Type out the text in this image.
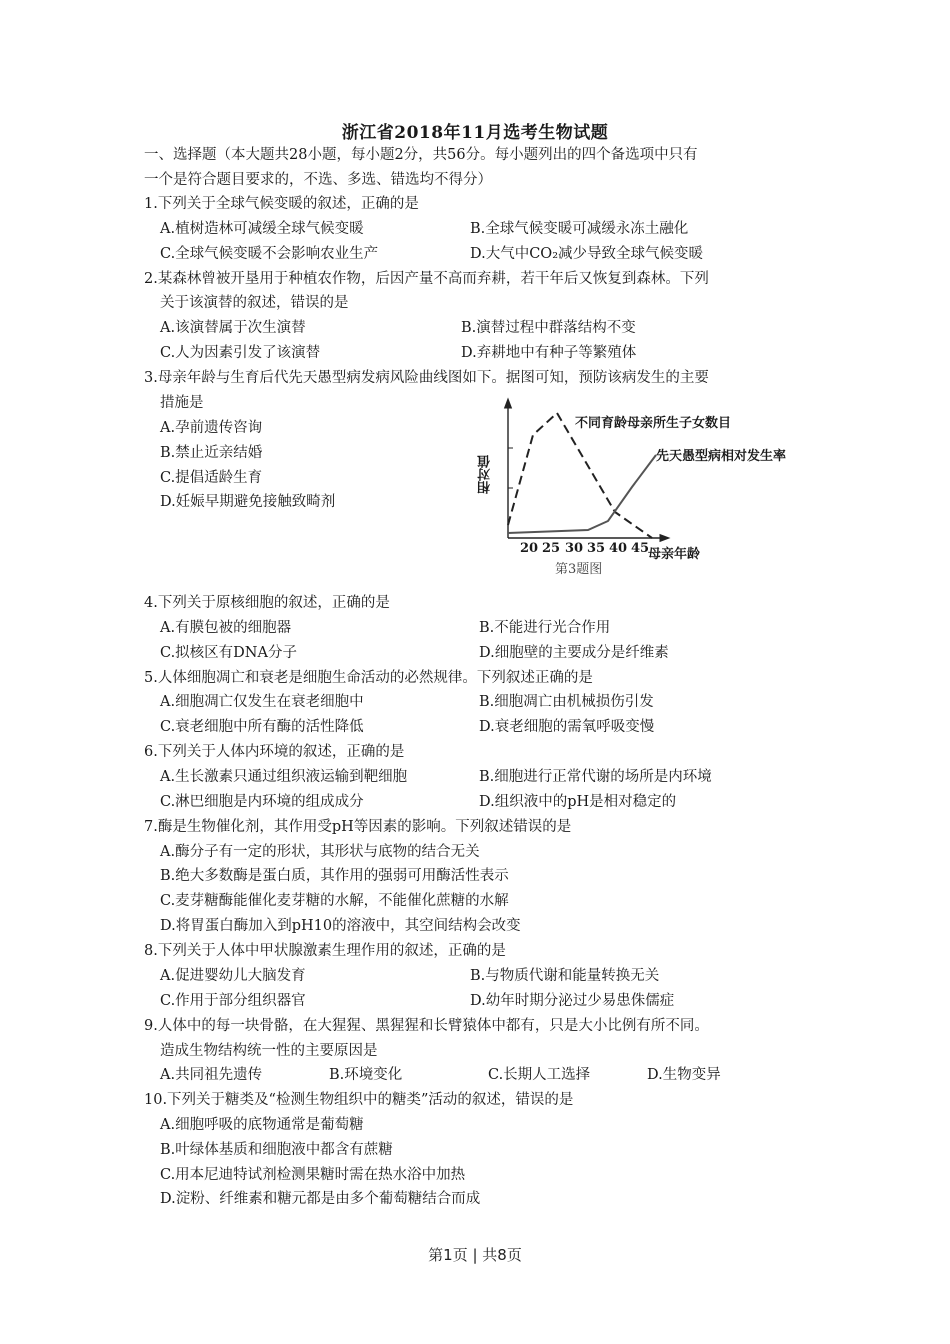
浙江省2018年11月选考生物试题
一、选择题（本大题共28小题，每小题2分，共56分。每小题列出的四个备选项中只有
一个是符合题目要求的，不选、多选、错选均不得分）
1.下列关于全球气候变暖的叙述，正确的是
A.植树造林可减缓全球气候变暖	B.全球气候变暖可减缓永冻土融化
C.全球气候变暖不会影响农业生产	D.大气中CO₂减少导致全球气候变暖
2.某森林曾被开垦用于种植农作物，后因产量不高而弃耕，若干年后又恢复到森林。下列
关于该演替的叙述，错误的是
A.该演替属于次生演替	B.演替过程中群落结构不变
C.人为因素引发了该演替	D.弃耕地中有种子等繁殖体
3.母亲年龄与生育后代先天愚型病发病风险曲线图如下。据图可知，预防该病发生的主要
措施是
A.孕前遗传咨询
B.禁止近亲结婚
C.提倡适龄生育
D.妊娠早期避免接触致畸剂
不同育龄母亲所生子女数目
先天愚型病相对发生率
相对值
20 25 30 35 40 45
母亲年龄
第3题图
4.下列关于原核细胞的叙述，正确的是
A.有膜包被的细胞器	B.不能进行光合作用
C.拟核区有DNA分子	D.细胞壁的主要成分是纤维素
5.人体细胞凋亡和衰老是细胞生命活动的必然规律。下列叙述正确的是
A.细胞凋亡仅发生在衰老细胞中	B.细胞凋亡由机械损伤引发
C.衰老细胞中所有酶的活性降低	D.衰老细胞的需氧呼吸变慢
6.下列关于人体内环境的叙述，正确的是
A.生长激素只通过组织液运输到靶细胞	B.细胞进行正常代谢的场所是内环境
C.淋巴细胞是内环境的组成成分	D.组织液中的pH是相对稳定的
7.酶是生物催化剂，其作用受pH等因素的影响。下列叙述错误的是
A.酶分子有一定的形状，其形状与底物的结合无关
B.绝大多数酶是蛋白质，其作用的强弱可用酶活性表示
C.麦芽糖酶能催化麦芽糖的水解，不能催化蔗糖的水解
D.将胃蛋白酶加入到pH10的溶液中，其空间结构会改变
8.下列关于人体中甲状腺激素生理作用的叙述，正确的是
A.促进婴幼儿大脑发育	B.与物质代谢和能量转换无关
C.作用于部分组织器官	D.幼年时期分泌过少易患侏儒症
9.人体中的每一块骨骼，在大猩猩、黑猩猩和长臂猿体中都有，只是大小比例有所不同。
造成生物结构统一性的主要原因是
A.共同祖先遗传	B.环境变化	C.长期人工选择	D.生物变异
10.下列关于糖类及“检测生物组织中的糖类”活动的叙述，错误的是
A.细胞呼吸的底物通常是葡萄糖
B.叶绿体基质和细胞液中都含有蔗糖
C.用本尼迪特试剂检测果糖时需在热水浴中加热
D.淀粉、纤维素和糖元都是由多个葡萄糖结合而成
第1页 | 共8页
